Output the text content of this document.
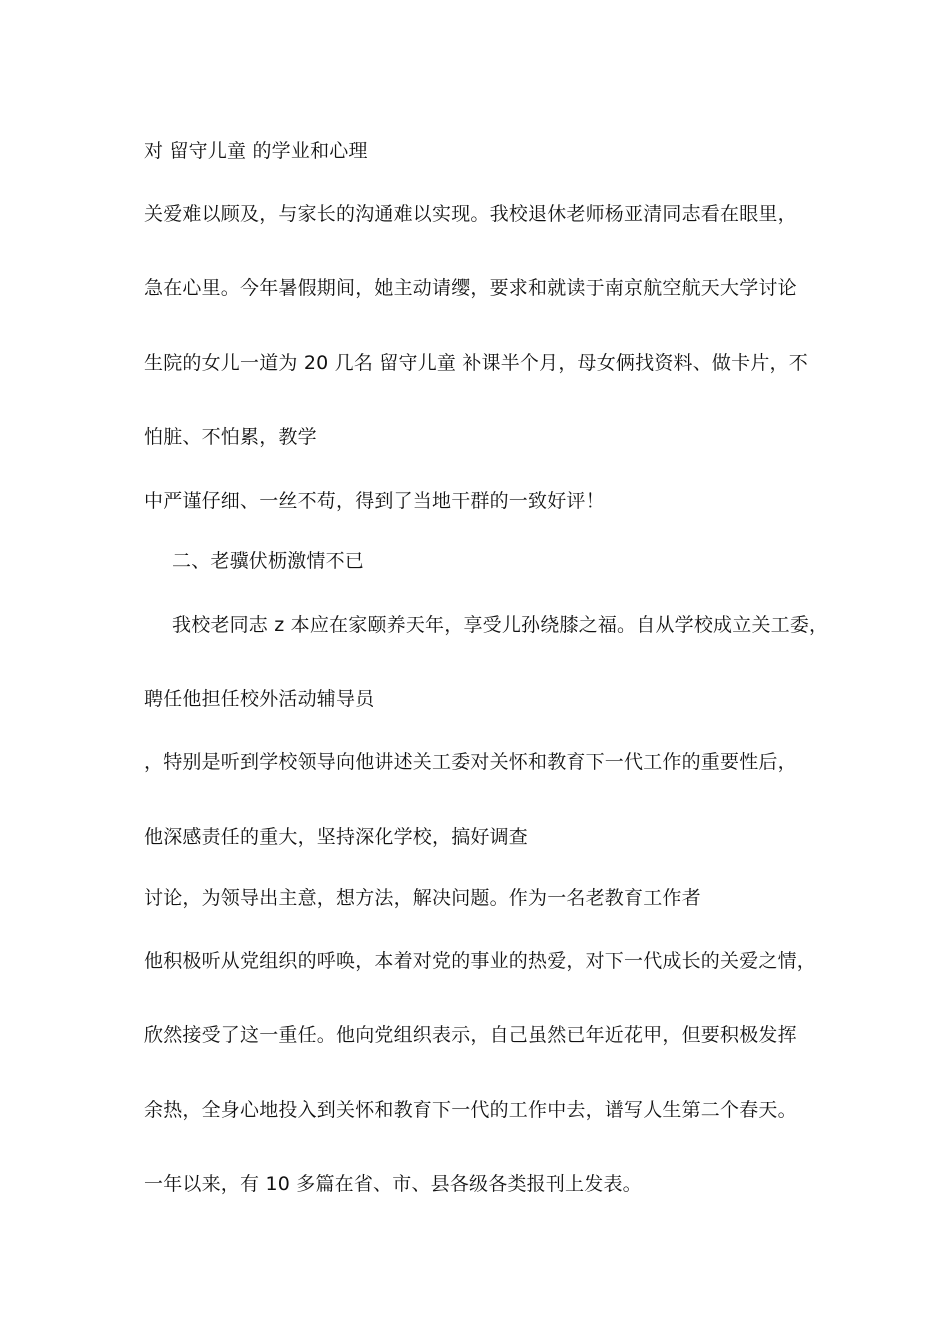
对 留守儿童 的学业和心理
关爱难以顾及，与家长的沟通难以实现。我校退休老师杨亚清同志看在眼里，
急在心里。今年暑假期间，她主动请缨，要求和就读于南京航空航天大学讨论
生院的女儿一道为 20 几名 留守儿童 补课半个月，母女俩找资料、做卡片，不
怕脏、不怕累，教学
中严谨仔细、一丝不苟，得到了当地干群的一致好评！
二、老骥伏枥激情不已
我校老同志 z 本应在家颐养天年，享受儿孙绕膝之福。自从学校成立关工委，
聘任他担任校外活动辅导员
，特别是听到学校领导向他讲述关工委对关怀和教育下一代工作的重要性后，
他深感责任的重大，坚持深化学校，搞好调查
讨论，为领导出主意，想方法，解决问题。作为一名老教育工作者
他积极听从党组织的呼唤，本着对党的事业的热爱，对下一代成长的关爱之情，
欣然接受了这一重任。他向党组织表示，自己虽然已年近花甲，但要积极发挥
余热，全身心地投入到关怀和教育下一代的工作中去，谱写人生第二个春天。
一年以来，有 10 多篇在省、市、县各级各类报刊上发表。
